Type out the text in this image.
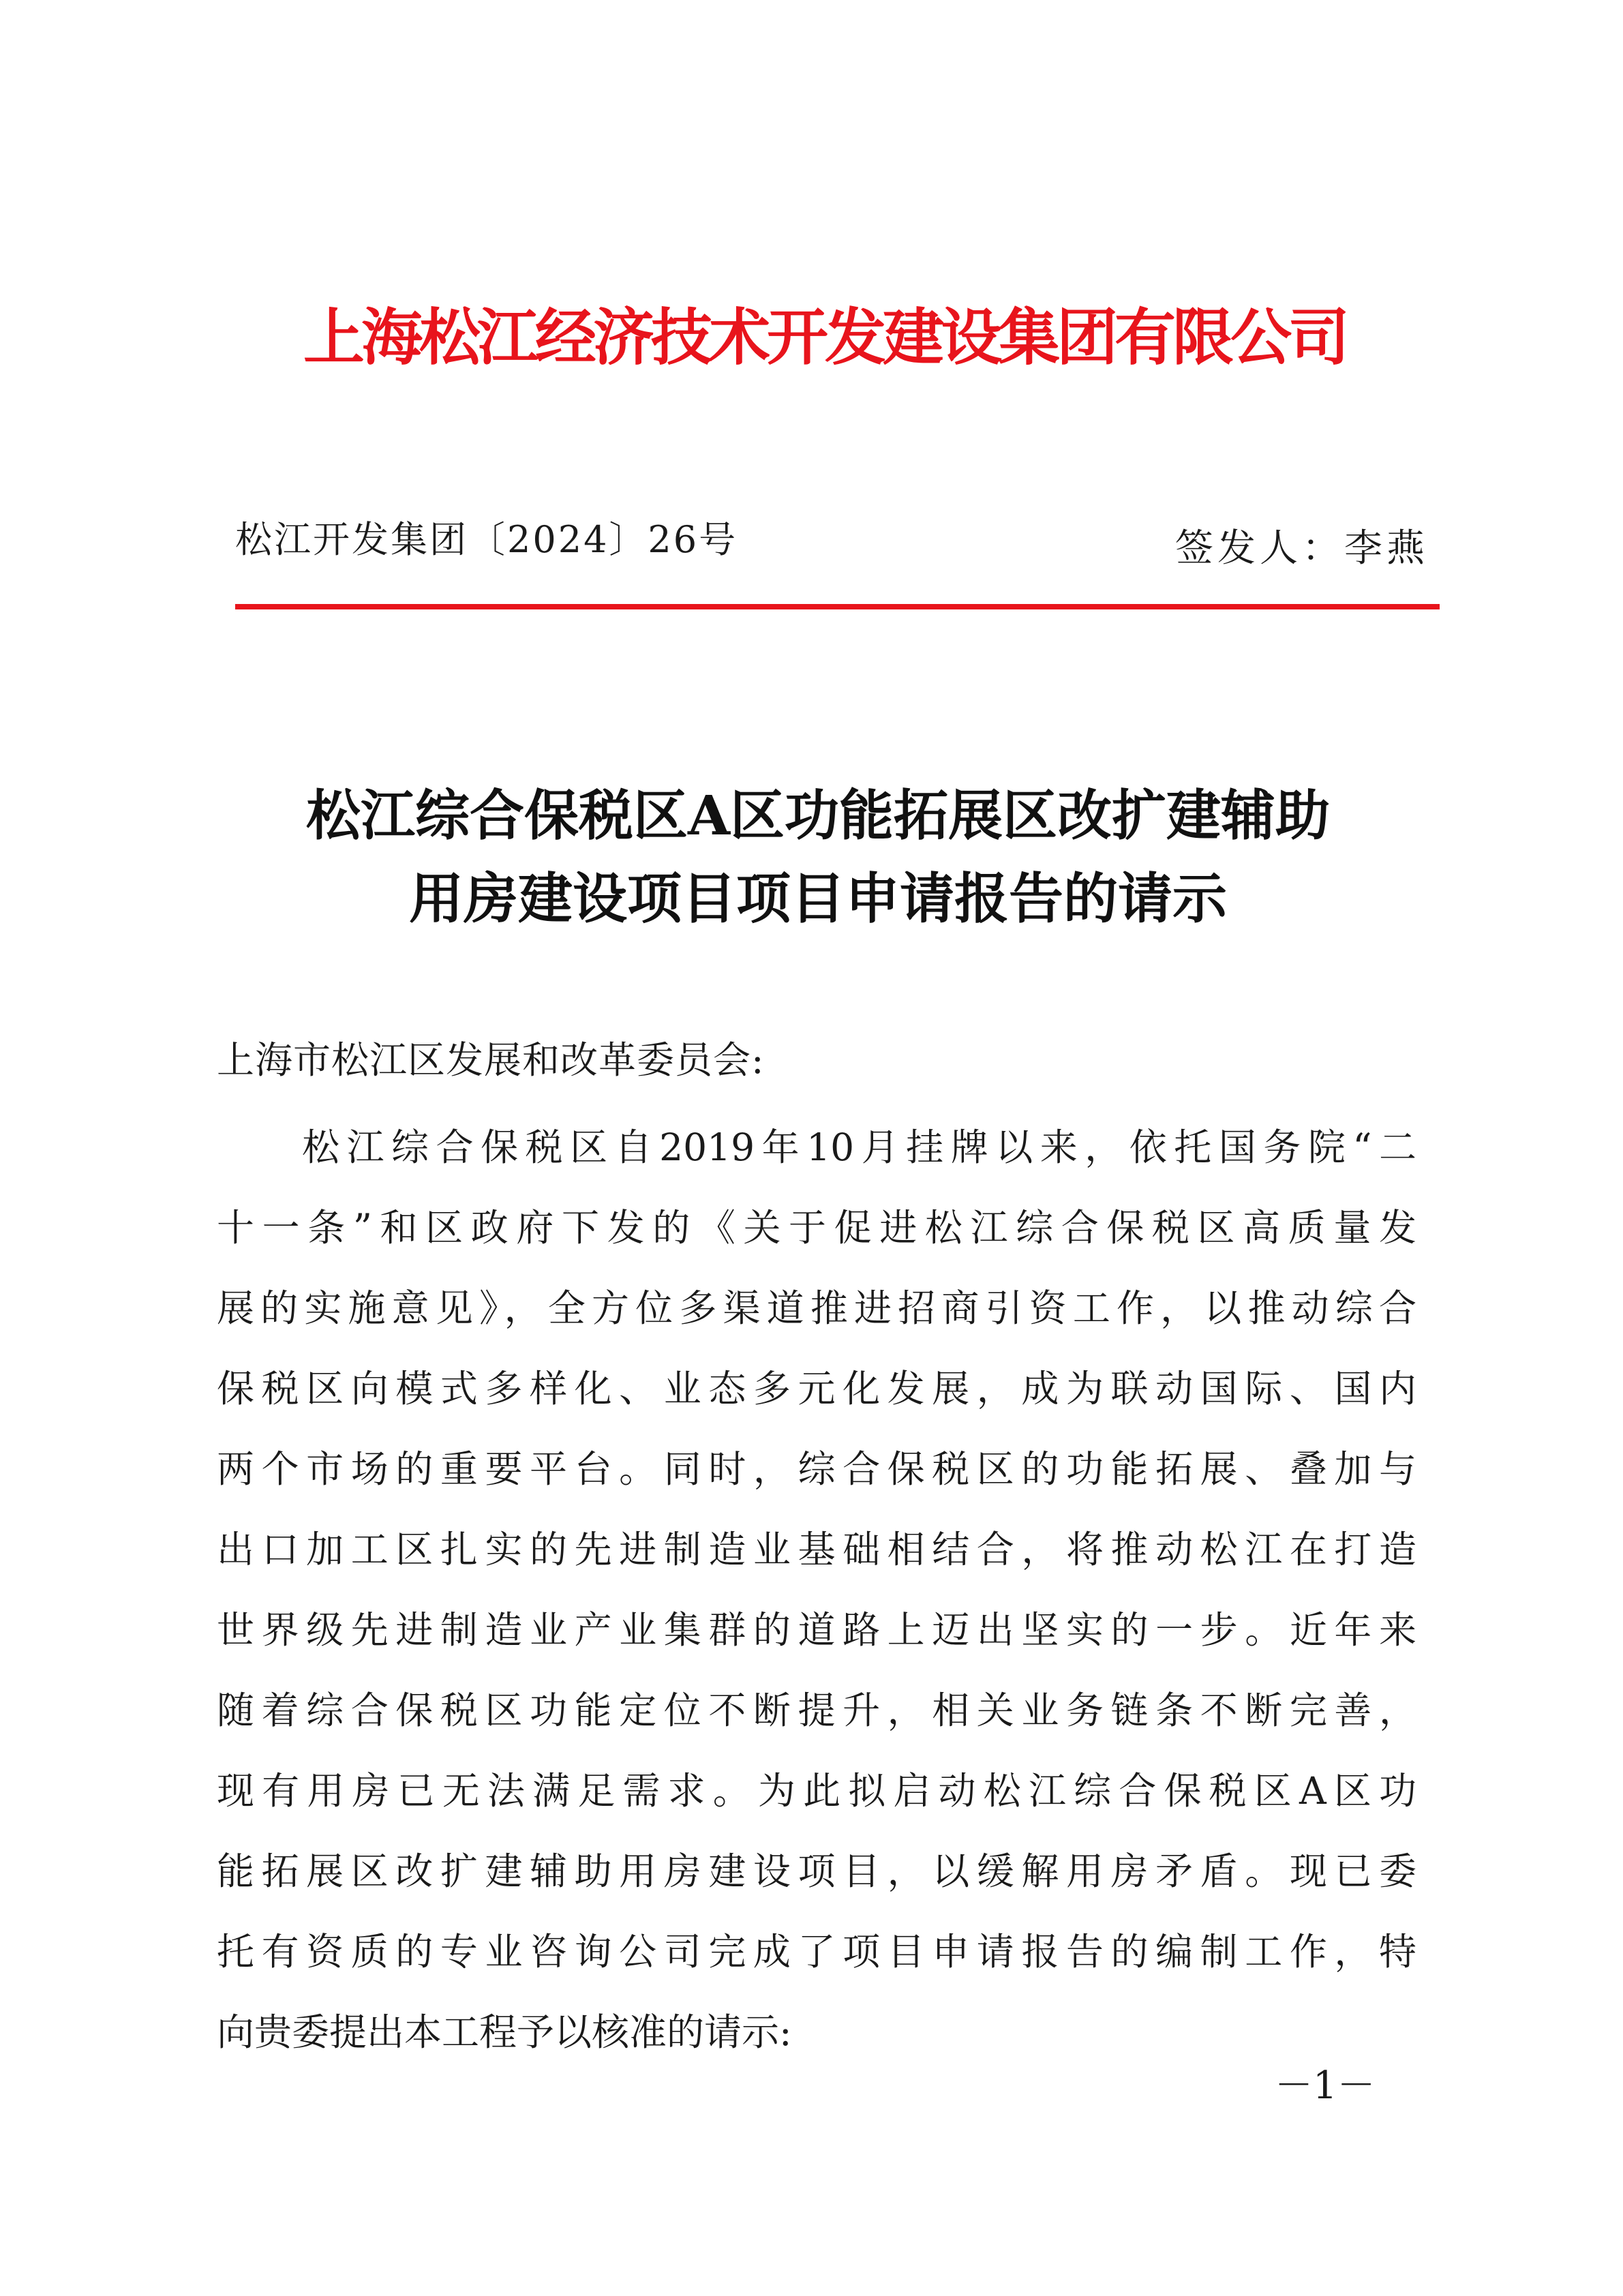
上海松江经济技术开发建设集团有限公司
松江开发集团〔2024〕26号	签发人：李燕
松江综合保税区A区功能拓展区改扩建辅助
用房建设项目项目申请报告的请示
上海市松江区发展和改革委员会:
松江综合保税区自2019年10月挂牌以来，依托国务院“二
十一条”和区政府下发的《关于促进松江综合保税区高质量发
展的实施意见》，全方位多渠道推进招商引资工作，以推动综合
保税区向模式多样化、业态多元化发展，成为联动国际、国内
两个市场的重要平台。同时，综合保税区的功能拓展、叠加与
出口加工区扎实的先进制造业基础相结合，将推动松江在打造
世界级先进制造业产业集群的道路上迈出坚实的一步。近年来
随着综合保税区功能定位不断提升，相关业务链条不断完善，
现有用房已无法满足需求。为此拟启动松江综合保税区A区功
能拓展区改扩建辅助用房建设项目，以缓解用房矛盾。现已委
托有资质的专业咨询公司完成了项目申请报告的编制工作，特
向贵委提出本工程予以核准的请示:
－1－
